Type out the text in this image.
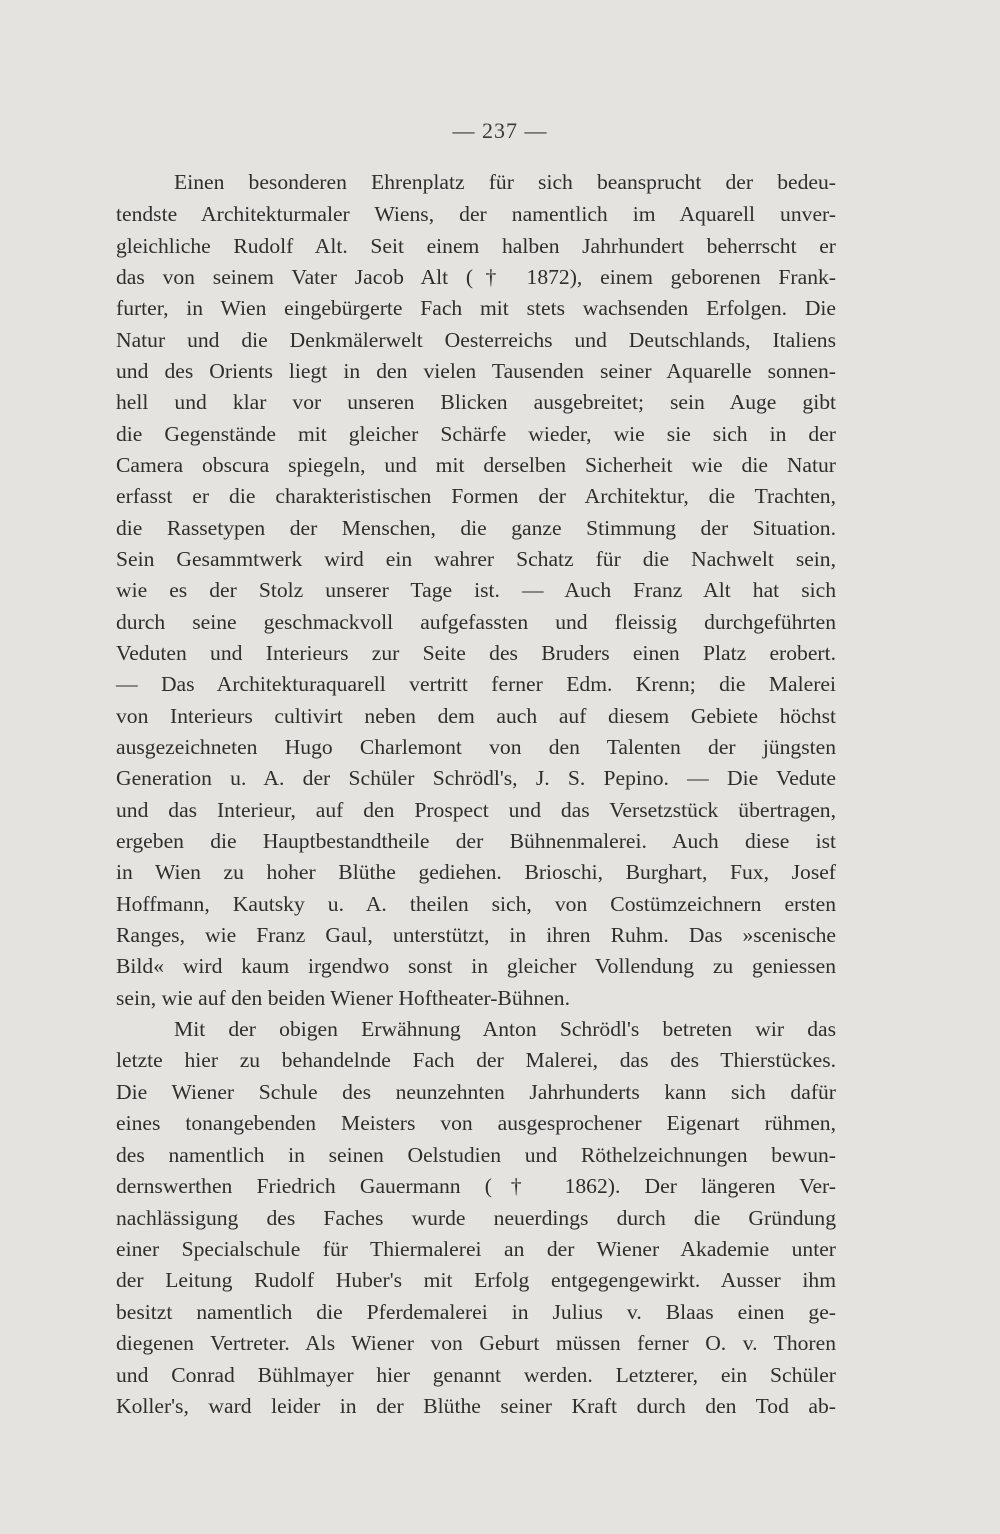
— 237 —
Einen besonderen Ehrenplatz für sich beansprucht der bedeu-
tendste Architekturmaler Wiens, der namentlich im Aquarell unver-
gleichliche Rudolf Alt. Seit einem halben Jahrhundert beherrscht er
das von seinem Vater Jacob Alt († 1872), einem geborenen Frank-
furter, in Wien eingebürgerte Fach mit stets wachsenden Erfolgen. Die
Natur und die Denkmälerwelt Oesterreichs und Deutschlands, Italiens
und des Orients liegt in den vielen Tausenden seiner Aquarelle sonnen-
hell und klar vor unseren Blicken ausgebreitet; sein Auge gibt
die Gegenstände mit gleicher Schärfe wieder, wie sie sich in der
Camera obscura spiegeln, und mit derselben Sicherheit wie die Natur
erfasst er die charakteristischen Formen der Architektur, die Trachten,
die Rassetypen der Menschen, die ganze Stimmung der Situation.
Sein Gesammtwerk wird ein wahrer Schatz für die Nachwelt sein,
wie es der Stolz unserer Tage ist. — Auch Franz Alt hat sich
durch seine geschmackvoll aufgefassten und fleissig durchgeführten
Veduten und Interieurs zur Seite des Bruders einen Platz erobert.
— Das Architekturaquarell vertritt ferner Edm. Krenn; die Malerei
von Interieurs cultivirt neben dem auch auf diesem Gebiete höchst
ausgezeichneten Hugo Charlemont von den Talenten der jüngsten
Generation u. A. der Schüler Schrödl's, J. S. Pepino. — Die Vedute
und das Interieur, auf den Prospect und das Versetzstück übertragen,
ergeben die Hauptbestandtheile der Bühnenmalerei. Auch diese ist
in Wien zu hoher Blüthe gediehen. Brioschi, Burghart, Fux, Josef
Hoffmann, Kautsky u. A. theilen sich, von Costümzeichnern ersten
Ranges, wie Franz Gaul, unterstützt, in ihren Ruhm. Das »scenische
Bild« wird kaum irgendwo sonst in gleicher Vollendung zu geniessen
sein, wie auf den beiden Wiener Hoftheater-Bühnen.
Mit der obigen Erwähnung Anton Schrödl's betreten wir das
letzte hier zu behandelnde Fach der Malerei, das des Thierstückes.
Die Wiener Schule des neunzehnten Jahrhunderts kann sich dafür
eines tonangebenden Meisters von ausgesprochener Eigenart rühmen,
des namentlich in seinen Oelstudien und Röthelzeichnungen bewun-
dernswerthen Friedrich Gauermann († 1862). Der längeren Ver-
nachlässigung des Faches wurde neuerdings durch die Gründung
einer Specialschule für Thiermalerei an der Wiener Akademie unter
der Leitung Rudolf Huber's mit Erfolg entgegengewirkt. Ausser ihm
besitzt namentlich die Pferdemalerei in Julius v. Blaas einen ge-
diegenen Vertreter. Als Wiener von Geburt müssen ferner O. v. Thoren
und Conrad Bühlmayer hier genannt werden. Letzterer, ein Schüler
Koller's, ward leider in der Blüthe seiner Kraft durch den Tod ab-
